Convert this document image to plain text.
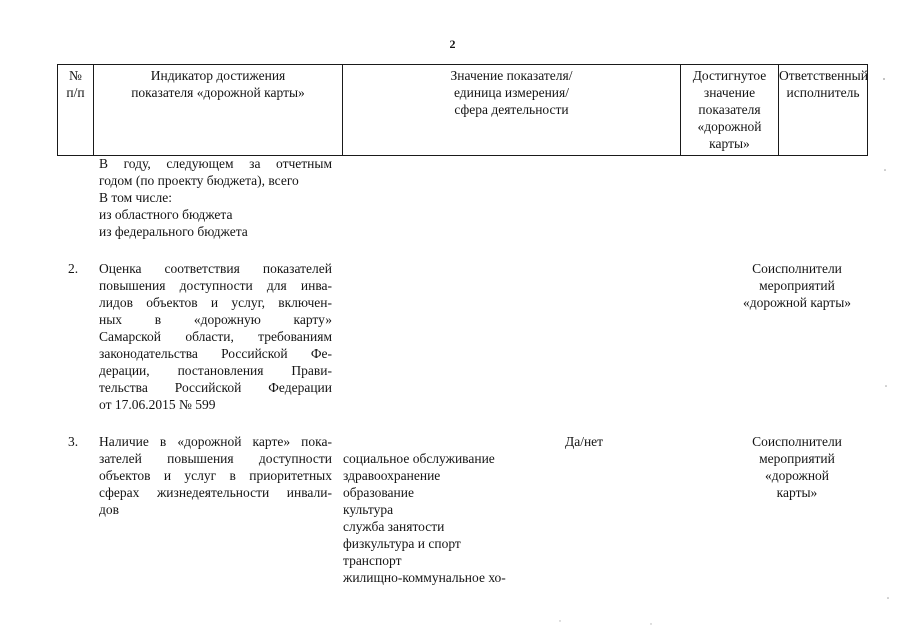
2
№
п/п
Индикатор достижения
показателя «дорожной карты»
Значение показателя/
единица измерения/
сфера деятельности
Достигнутое
значение
показателя
«дорожной
карты»
Ответственный
исполнитель
В году, следующем за отчетным
годом (по проекту бюджета), всего
В том числе:
из областного бюджета
из федерального бюджета
2. Оценка соответствия показателей
повышения доступности для инва-
лидов объектов и услуг, включен-
ных в «дорожную карту»
Самарской области, требованиям
законодательства Российской Фе-
дерации, постановления Прави-
тельства Российской Федерации
от 17.06.2015 № 599
Соисполнители
мероприятий
«дорожной карты»
3. Наличие в «дорожной карте» пока-
зателей повышения доступности
объектов и услуг в приоритетных
сферах жизнедеятельности инвали-
дов
Да/нет
социальное обслуживание
здравоохранение
образование
культура
служба занятости
физкультура и спорт
транспорт
жилищно-коммунальное хо-
Соисполнители
мероприятий
«дорожной
карты»
